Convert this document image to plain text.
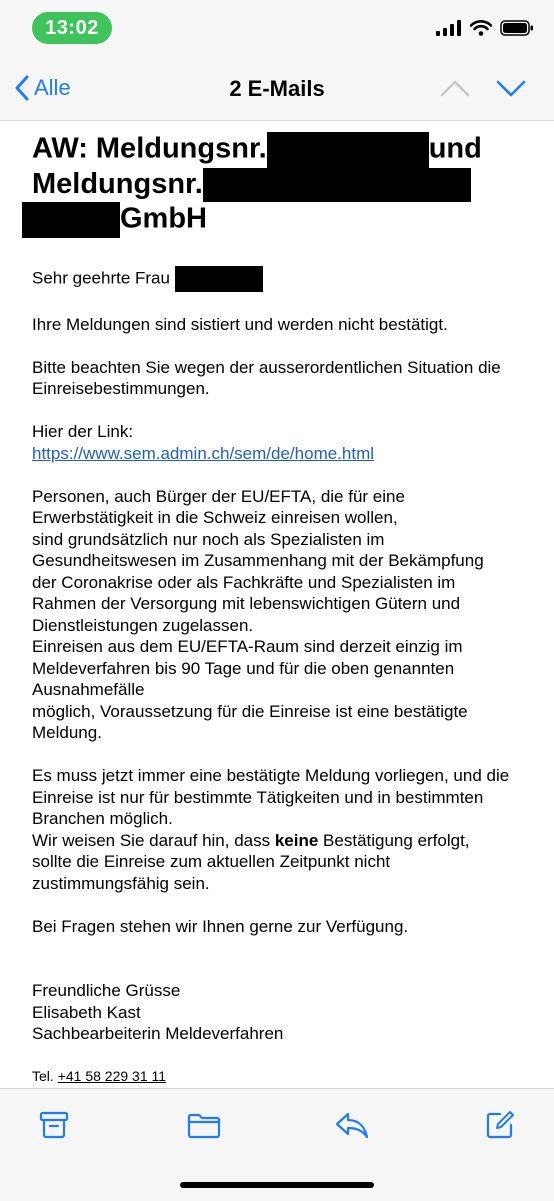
13:02
Alle	2 E-Mails
AW: Meldungsnr.	und
Meldungsnr.
GmbH

Sehr geehrte Frau

Ihre Meldungen sind sistiert und werden nicht bestätigt.

Bitte beachten Sie wegen der ausserordentlichen Situation die

Einreisebestimmungen.

Hier der Link:

https://www.sem.admin.ch/sem/de/home.html

Personen, auch Bürger der EU/EFTA, die für eine

Erwerbstätigkeit in die Schweiz einreisen wollen,

sind grundsätzlich nur noch als Spezialisten im

Gesundheitswesen im Zusammenhang mit der Bekämpfung

der Coronakrise oder als Fachkräfte und Spezialisten im

Rahmen der Versorgung mit lebenswichtigen Gütern und

Dienstleistungen zugelassen.

Einreisen aus dem EU/EFTA-Raum sind derzeit einzig im

Meldeverfahren bis 90 Tage und für die oben genannten

Ausnahmefälle

möglich, Voraussetzung für die Einreise ist eine bestätigte

Meldung.

Es muss jetzt immer eine bestätigte Meldung vorliegen, und die

Einreise ist nur für bestimmte Tätigkeiten und in bestimmten

Branchen möglich.

Wir weisen Sie darauf hin, dass keine Bestätigung erfolgt,

sollte die Einreise zum aktuellen Zeitpunkt nicht

zustimmungsfähig sein.

Bei Fragen stehen wir Ihnen gerne zur Verfügung.

Freundliche Grüsse

Elisabeth Kast

Sachbearbeiterin Meldeverfahren

Tel. +41 58 229 31 11
